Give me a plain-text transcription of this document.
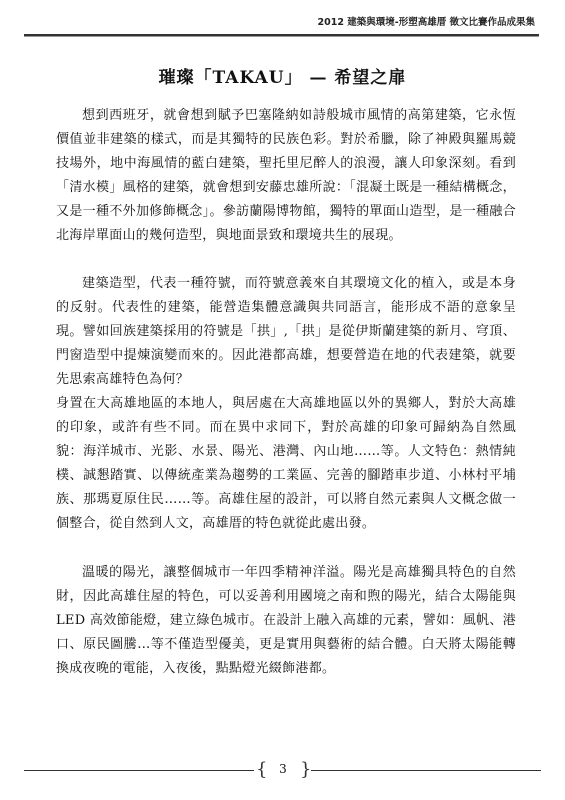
2012 建築與環境-形塑高雄厝 徵文比賽作品成果集
璀璨「TAKAU」 — 希望之扉

想到西班牙，就會想到賦予巴塞隆納如詩般城市風情的高第建築，它永恆價值並非建築的樣式，而是其獨特的民族色彩。對於希臘，除了神殿與羅馬競技場外，地中海風情的藍白建築，聖托里尼醉人的浪漫，讓人印象深刻。看到「清水模」風格的建築，就會想到安藤忠雄所說：「混凝土既是一種結構概念，又是一種不外加修飾概念」。參訪蘭陽博物館，獨特的單面山造型，是一種融合北海岸單面山的幾何造型，與地面景致和環境共生的展現。

建築造型，代表一種符號，而符號意義來自其環境文化的植入，或是本身的反射。代表性的建築，能營造集體意識與共同語言，能形成不語的意象呈現。譬如回族建築採用的符號是「拱」,「拱」是從伊斯蘭建築的新月、穹頂、門窗造型中提煉演變而來的。因此港都高雄，想要營造在地的代表建築，就要先思索高雄特色為何？

身置在大高雄地區的本地人，與居處在大高雄地區以外的異鄉人，對於大高雄的印象，或許有些不同。而在異中求同下，對於高雄的印象可歸納為自然風貌：海洋城市、光影、水景、陽光、港灣、內山地……等。人文特色：熱情純樸、誠懇踏實、以傳統產業為趨勢的工業區、完善的腳踏車步道、小林村平埔族、那瑪夏原住民……等。高雄住屋的設計，可以將自然元素與人文概念做一個整合，從自然到人文，高雄厝的特色就從此處出發。

溫暖的陽光，讓整個城市一年四季精神洋溢。陽光是高雄獨具特色的自然財，因此高雄住屋的特色，可以妥善利用國境之南和煦的陽光，結合太陽能與 LED 高效節能燈，建立綠色城市。在設計上融入高雄的元素，譬如：風帆、港口、原民圖騰…等不僅造型優美，更是實用與藝術的結合體。白天將太陽能轉換成夜晚的電能，入夜後，點點燈光綴飾港都。

{ 3 }
